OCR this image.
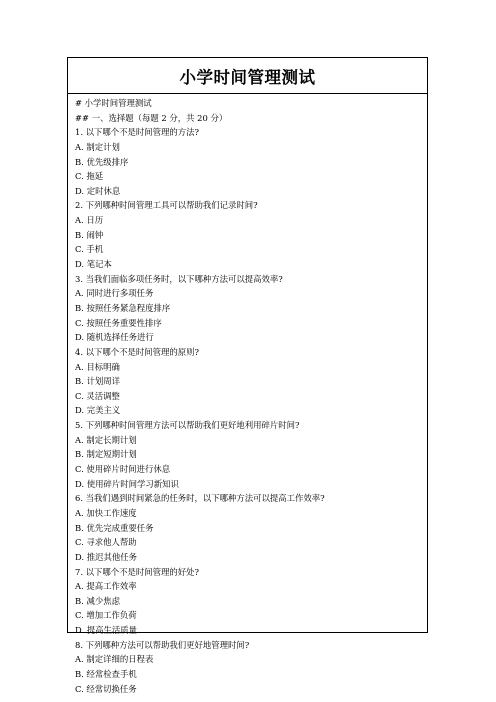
小学时间管理测试
# 小学时间管理测试
## 一、选择题（每题 2 分，共 20 分）
1. 以下哪个不是时间管理的方法?
A. 制定计划
B. 优先级排序
C. 拖延
D. 定时休息
2. 下列哪种时间管理工具可以帮助我们记录时间?
A. 日历
B. 闹钟
C. 手机
D. 笔记本
3. 当我们面临多项任务时，以下哪种方法可以提高效率?
A. 同时进行多项任务
B. 按照任务紧急程度排序
C. 按照任务重要性排序
D. 随机选择任务进行
4. 以下哪个不是时间管理的原则?
A. 目标明确
B. 计划周详
C. 灵活调整
D. 完美主义
5. 下列哪种时间管理方法可以帮助我们更好地利用碎片时间?
A. 制定长期计划
B. 制定短期计划
C. 使用碎片时间进行休息
D. 使用碎片时间学习新知识
6. 当我们遇到时间紧急的任务时，以下哪种方法可以提高工作效率?
A. 加快工作速度
B. 优先完成重要任务
C. 寻求他人帮助
D. 推迟其他任务
7. 以下哪个不是时间管理的好处?
A. 提高工作效率
B. 减少焦虑
C. 增加工作负荷
D. 提高生活质量
8. 下列哪种方法可以帮助我们更好地管理时间?
A. 制定详细的日程表
B. 经常检查手机
C. 经常切换任务
